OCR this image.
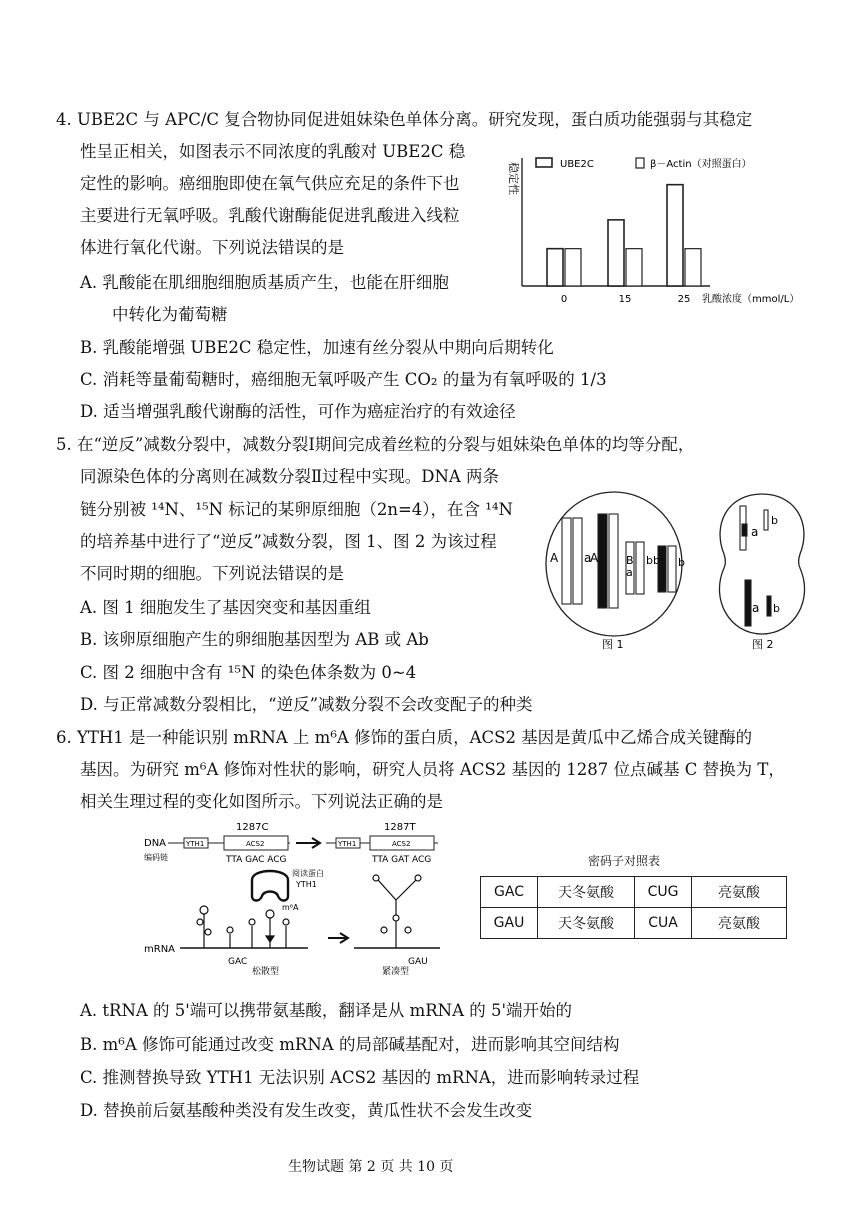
4. UBE2C 与 APC/C 复合物协同促进姐妹染色单体分离。研究发现，蛋白质功能强弱与其稳定
性呈正相关，如图表示不同浓度的乳酸对 UBE2C 稳
定性的影响。癌细胞即使在氧气供应充足的条件下也
主要进行无氧呼吸。乳酸代谢酶能促进乳酸进入线粒
体进行氧化代谢。下列说法错误的是
A. 乳酸能在肌细胞细胞质基质产生，也能在肝细胞
中转化为葡萄糖
B. 乳酸能增强 UBE2C 稳定性，加速有丝分裂从中期向后期转化
C. 消耗等量葡萄糖时，癌细胞无氧呼吸产生 CO₂ 的量为有氧呼吸的 1/3
D. 适当增强乳酸代谢酶的活性，可作为癌症治疗的有效途径
稳定性	UBE2C	β－Actin（对照蛋白）
0	15	25 乳酸浓度（mmol/L）
5. 在“逆反”减数分裂中，减数分裂Ⅰ期间完成着丝粒的分裂与姐妹染色单体的均等分配，
同源染色体的分离则在减数分裂Ⅱ过程中实现。DNA 两条
链分别被 ¹⁴N、¹⁵N 标记的某卵原细胞（2n=4），在含 ¹⁴N
的培养基中进行了“逆反”减数分裂，图 1、图 2 为该过程
不同时期的细胞。下列说法错误的是
A. 图 1 细胞发生了基因突变和基因重组
B. 该卵原细胞产生的卵细胞基因型为 AB 或 Ab
C. 图 2 细胞中含有 ¹⁵N 的染色体条数为 0~4
D. 与正常减数分裂相比，“逆反”减数分裂不会改变配子的种类
A a
A	B
a
b b b
图 1
a
b
a b
图 2
6. YTH1 是一种能识别 mRNA 上 m⁶A 修饰的蛋白质，ACS2 基因是黄瓜中乙烯合成关键酶的
基因。为研究 m⁶A 修饰对性状的影响，研究人员将 ACS2 基因的 1287 位点碱基 C 替换为 T，
相关生理过程的变化如图所示。下列说法正确的是
DNA
编码链
1287C	1287T
YTH1	ACS2
TTA GAC ACG
YTH1	ACS2
TTA GAT ACG
阅读蛋白
YTH1
m⁶A
mRNA
GAC
松散型
GAU
紧凑型
密码子对照表
GAC	天冬氨酸	CUG	亮氨酸
GAU	天冬氨酸	CUA	亮氨酸
A. tRNA 的 5'端可以携带氨基酸，翻译是从 mRNA 的 5'端开始的
B. m⁶A 修饰可能通过改变 mRNA 的局部碱基配对，进而影响其空间结构
C. 推测替换导致 YTH1 无法识别 ACS2 基因的 mRNA，进而影响转录过程
D. 替换前后氨基酸种类没有发生改变，黄瓜性状不会发生改变
生物试题 第 2 页 共 10 页
